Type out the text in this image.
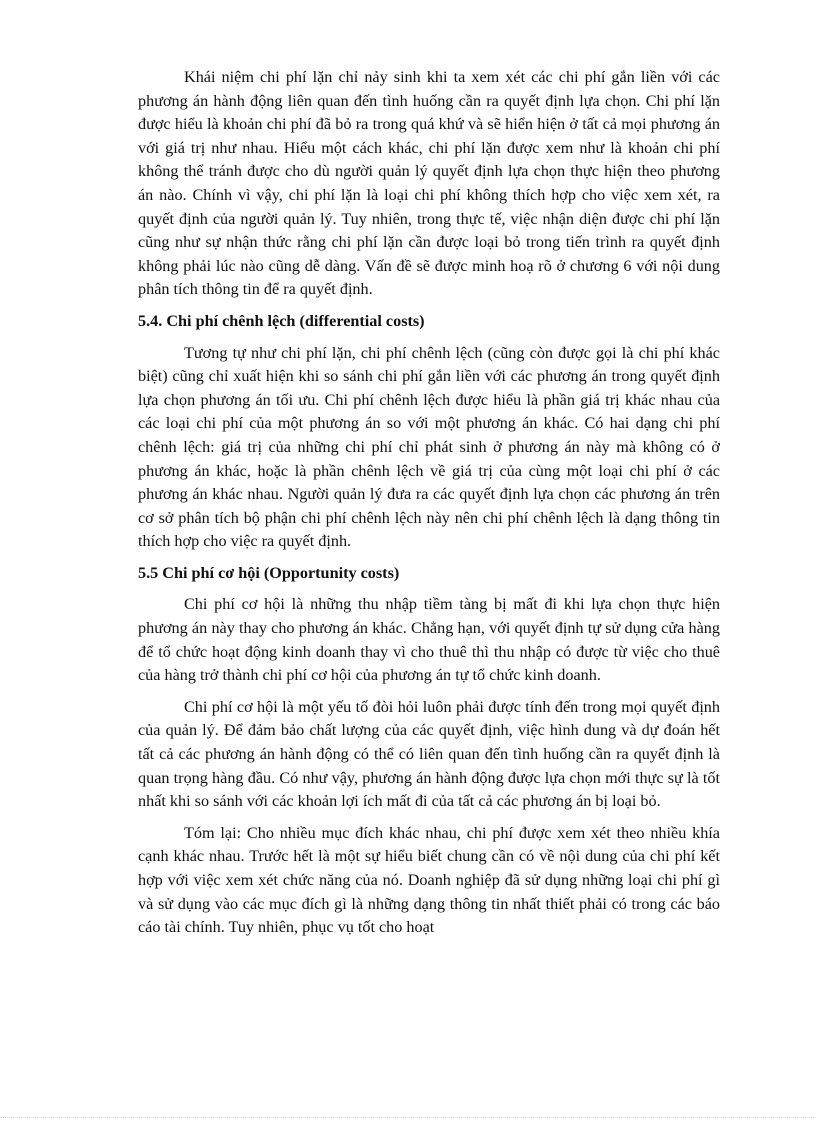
Khái niệm chi phí lặn chỉ nảy sinh khi ta xem xét các chi phí gắn liền với các phương án hành động liên quan đến tình huống cần ra quyết định lựa chọn. Chi phí lặn được hiểu là khoản chi phí đã bỏ ra trong quá khứ và sẽ hiển hiện ở tất cả mọi phương án với giá trị như nhau. Hiểu một cách khác, chi phí lặn được xem như là khoản chi phí không thể tránh được cho dù người quản lý quyết định lựa chọn thực hiện theo phương án nào. Chính vì vậy, chi phí lặn là loại chi phí không thích hợp cho việc xem xét, ra quyết định của người quản lý. Tuy nhiên, trong thực tế, việc nhận diện được chi phí lặn cũng như sự nhận thức rằng chi phí lặn cần được loại bỏ trong tiến trình ra quyết định không phải lúc nào cũng dễ dàng. Vấn đề sẽ được minh hoạ rõ ở chương 6 với nội dung phân tích thông tin để ra quyết định.

5.4. Chi phí chênh lệch (differential costs)

Tương tự như chi phí lặn, chi phí chênh lệch (cũng còn được gọi là chi phí khác biệt) cũng chỉ xuất hiện khi so sánh chi phí gắn liền với các phương án trong quyết định lựa chọn phương án tối ưu. Chi phí chênh lệch được hiểu là phần giá trị khác nhau của các loại chi phí của một phương án so với một phương án khác. Có hai dạng chi phí chênh lệch: giá trị của những chi phí chỉ phát sinh ở phương án này mà không có ở phương án khác, hoặc là phần chênh lệch về giá trị của cùng một loại chi phí ở các phương án khác nhau. Người quản lý đưa ra các quyết định lựa chọn các phương án trên cơ sở phân tích bộ phận chi phí chênh lệch này nên chi phí chênh lệch là dạng thông tin thích hợp cho việc ra quyết định.

5.5 Chi phí cơ hội (Opportunity costs)

Chi phí cơ hội là những thu nhập tiềm tàng bị mất đi khi lựa chọn thực hiện phương án này thay cho phương án khác. Chẳng hạn, với quyết định tự sử dụng cửa hàng để tổ chức hoạt động kinh doanh thay vì cho thuê thì thu nhập có được từ việc cho thuê của hàng trở thành chi phí cơ hội của phương án tự tổ chức kinh doanh.

Chi phí cơ hội là một yếu tố đòi hỏi luôn phải được tính đến trong mọi quyết định của quản lý. Để đảm bảo chất lượng của các quyết định, việc hình dung và dự đoán hết tất cả các phương án hành động có thể có liên quan đến tình huống cần ra quyết định là quan trọng hàng đầu. Có như vậy, phương án hành động được lựa chọn mới thực sự là tốt nhất khi so sánh với các khoản lợi ích mất đi của tất cả các phương án bị loại bỏ.

Tóm lại: Cho nhiều mục đích khác nhau, chi phí được xem xét theo nhiều khía cạnh khác nhau. Trước hết là một sự hiểu biết chung cần có về nội dung của chi phí kết hợp với việc xem xét chức năng của nó. Doanh nghiệp đã sử dụng những loại chi phí gì và sử dụng vào các mục đích gì là những dạng thông tin nhất thiết phải có trong các báo cáo tài chính. Tuy nhiên, phục vụ tốt cho hoạt
